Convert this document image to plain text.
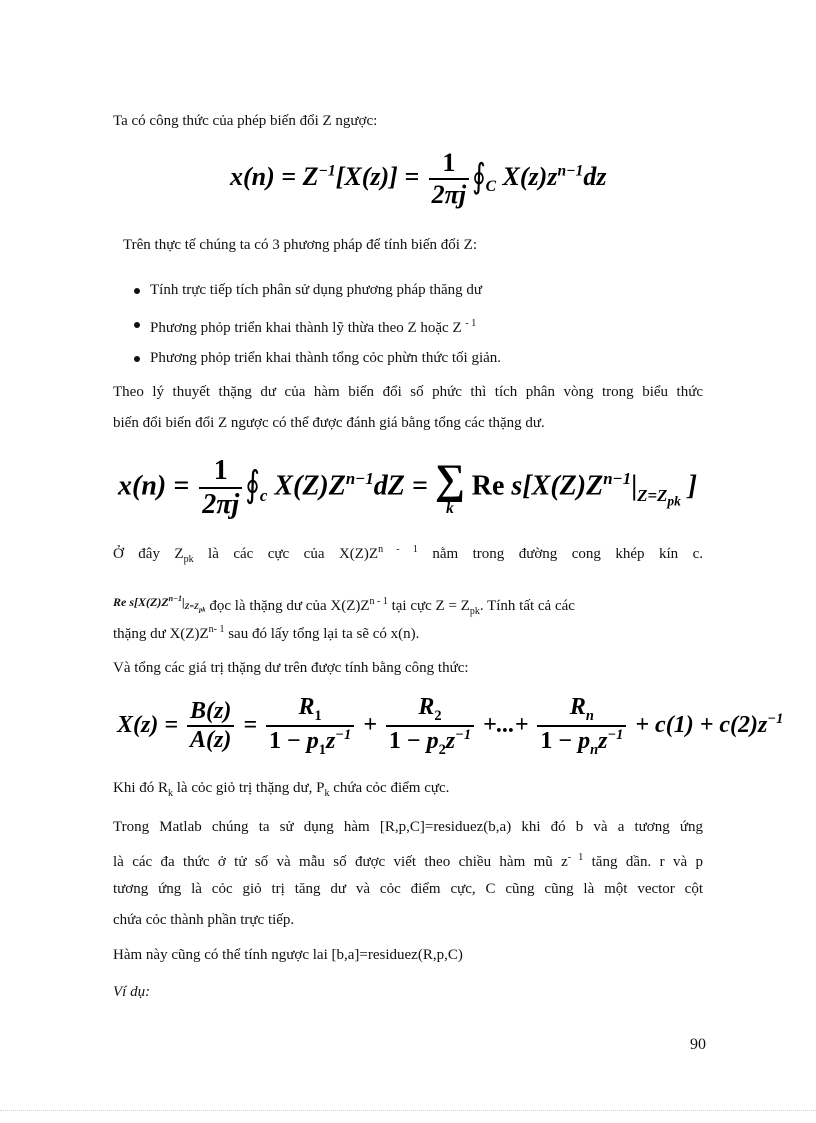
Ta có công thức của phép biến đổi Z ngược:
$x(n) = Z^{-1}[X(z)] = \frac{1}{2\pi j}$ $∮_C$ $X(z)z^{n-1}dz$
Trên thực tế chúng ta có 3 phương pháp để tính biến đổi Z:
Tính trực tiếp tích phân sử dụng phương pháp thăng dư
Phương phỏp triển khai thành lỹ thừa theo Z hoặc Z $^{- 1}$
Phương phỏp triển khai thành tổng cỏc phừn thức tối giản.
Theo lý thuyết thặng dư của hàm biến đổi số phức thì tích phân vòng trong biểu thức
biến đổi biến đổi Z ngược có thể được đánh giá bằng tổng các thặng dư.
$x(n) = \frac{1}{2\pi j}$ $∮_c$ $X(Z)Z^{n-1}dZ$ = ∑
k
Re $s[X(Z)Z^{n-1}|_{Z=Z_{pk}}$ ]
Ở đây $Z_{pk}$ là các cực của $X(Z)Z^{n - 1}$ nằm trong đường cong khép kín c.
$^{Re s[X(Z)Z^{n-1}|_{Z=Z_{pk}}}$ đọc là thặng dư của $X(Z)Z^{n - 1}$ tại cực $Z = Z_{pk}$. Tính tất cả các
thặng dư $X(Z)Z^{n- 1}$ sau đó lấy tổng lại ta sẽ có x(n).
Và tổng các giá trị thặng dư trên được tính bằng công thức:
$X(z) = \frac{B(z)}{A(z)} = \frac{R_1}{1 - p_1z^{-1}} + \frac{R_2}{1 - p_2z^{-1}}$ +...+ $\frac{R_n}{1 - p_nz^{-1}} + c(1) + c(2)z^{-1}$
Khi đó $R_k$ là cỏc giỏ trị thặng dư, $P_k$ chứa cỏc điểm cực.
Trong Matlab chúng ta sử dụng hàm [R,p,C]=residuez(b,a) khi đó b và a tương ứng
là các đa thức ở tử số và mẫu số được viết theo chiều hàm mũ $z^{- 1}$ tăng dần. r và p
tương ứng là cỏc giỏ trị tăng dư và cỏc điểm cực, C cũng cũng là một vector cột
chứa cỏc thành phần trực tiếp.
Hàm này cũng có thể tính ngược lai [b,a]=residuez(R,p,C)
Ví dụ:
90
